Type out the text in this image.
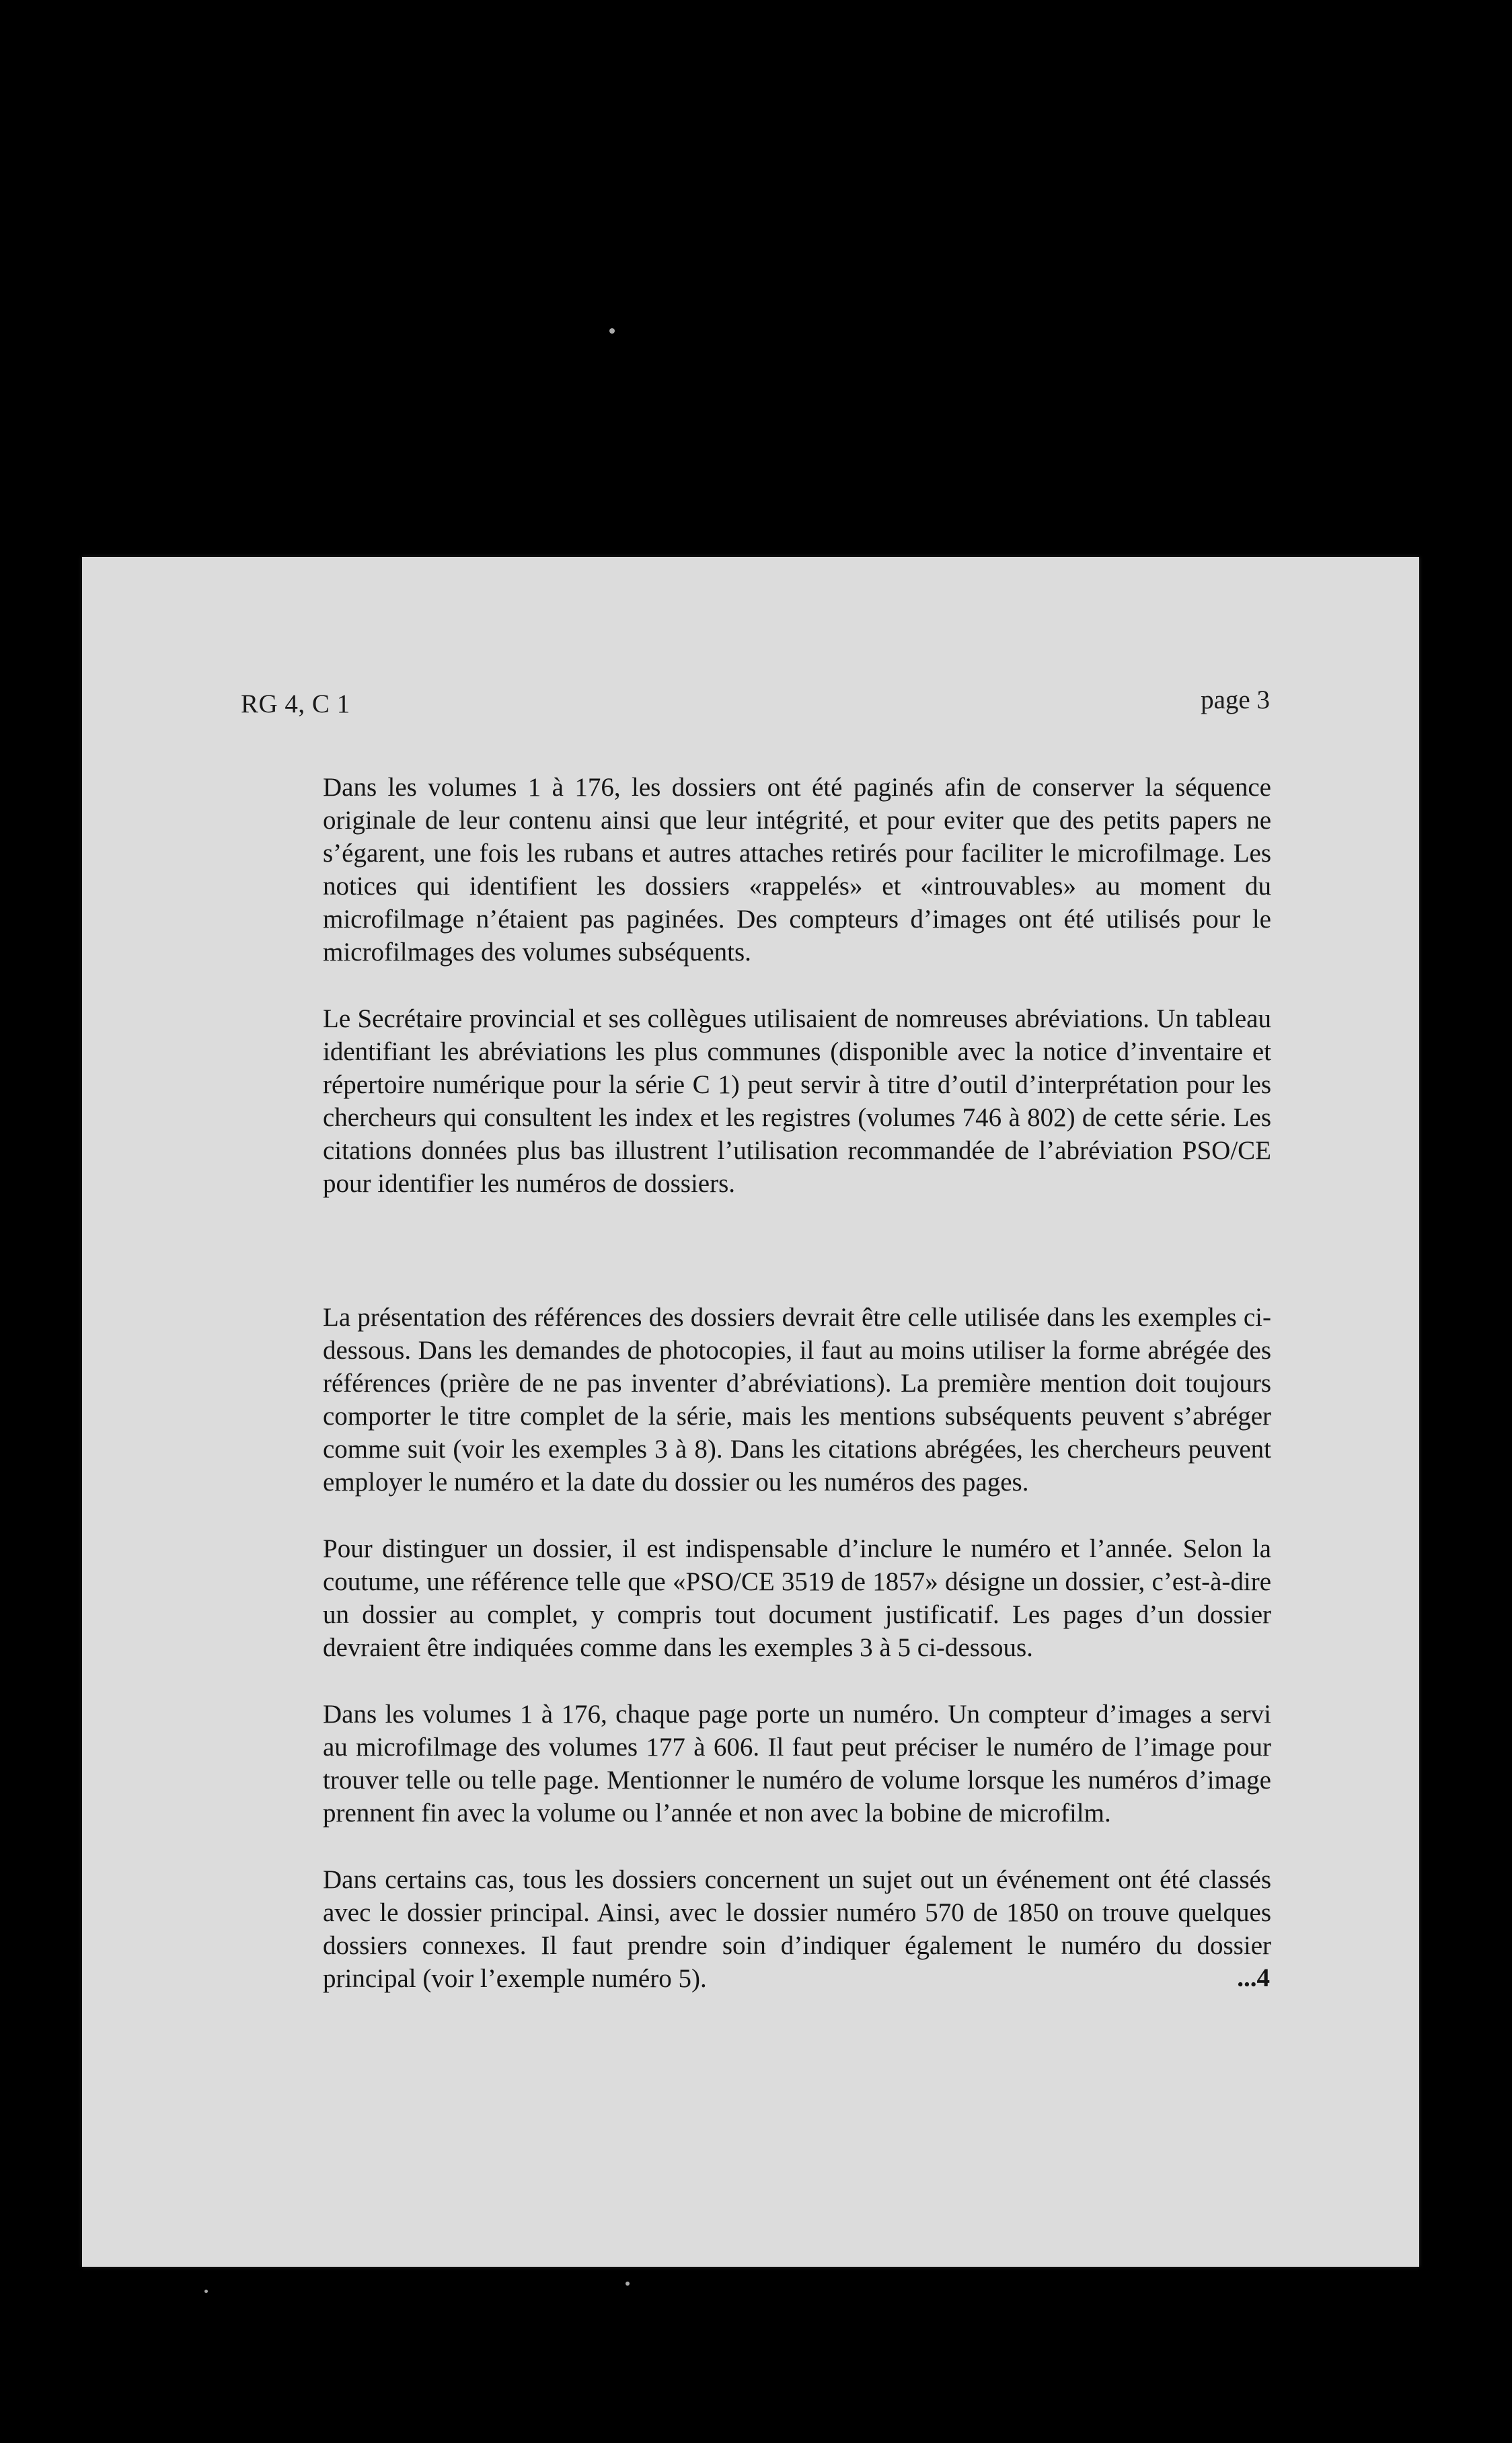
RG 4, C 1	page 3

Dans les volumes 1 à 176, les dossiers ont été paginés afin de conserver la séquence originale de leur contenu ainsi que leur intégrité, et pour eviter que des petits papers ne s’égarent, une fois les rubans et autres attaches retirés pour faciliter le microfilmage. Les notices qui identifient les dossiers «rappelés» et «introuvables» au moment du microfilmage n’étaient pas paginées. Des compteurs d’images ont été utilisés pour le microfilmages des volumes subséquents.

Le Secrétaire provincial et ses collègues utilisaient de nomreuses abréviations. Un tableau identifiant les abréviations les plus communes (disponible avec la notice d’inventaire et répertoire numérique pour la série C 1) peut servir à titre d’outil d’interprétation pour les chercheurs qui consultent les index et les registres (volumes 746 à 802) de cette série. Les citations données plus bas illustrent l’utilisation recommandée de l’abréviation PSO/CE pour identifier les numéros de dossiers.

La présentation des références des dossiers devrait être celle utilisée dans les exemples ci-dessous. Dans les demandes de photocopies, il faut au moins utiliser la forme abrégée des références (prière de ne pas inventer d’abréviations). La première mention doit toujours comporter le titre complet de la série, mais les mentions subséquents peuvent s’abréger comme suit (voir les exemples 3 à 8). Dans les citations abrégées, les chercheurs peuvent employer le numéro et la date du dossier ou les numéros des pages.

Pour distinguer un dossier, il est indispensable d’inclure le numéro et l’année. Selon la coutume, une référence telle que «PSO/CE 3519 de 1857» désigne un dossier, c’est-à-dire un dossier au complet, y compris tout document justificatif. Les pages d’un dossier devraient être indiquées comme dans les exemples 3 à 5 ci-dessous.

Dans les volumes 1 à 176, chaque page porte un numéro. Un compteur d’images a servi au microfilmage des volumes 177 à 606. Il faut peut préciser le numéro de l’image pour trouver telle ou telle page. Mentionner le numéro de volume lorsque les numéros d’image prennent fin avec la volume ou l’année et non avec la bobine de microfilm.

Dans certains cas, tous les dossiers concernent un sujet out un événement ont été classés avec le dossier principal. Ainsi, avec le dossier numéro 570 de 1850 on trouve quelques dossiers connexes. Il faut prendre soin d’indiquer également le numéro du dossier principal (voir l’exemple numéro 5).	...4
